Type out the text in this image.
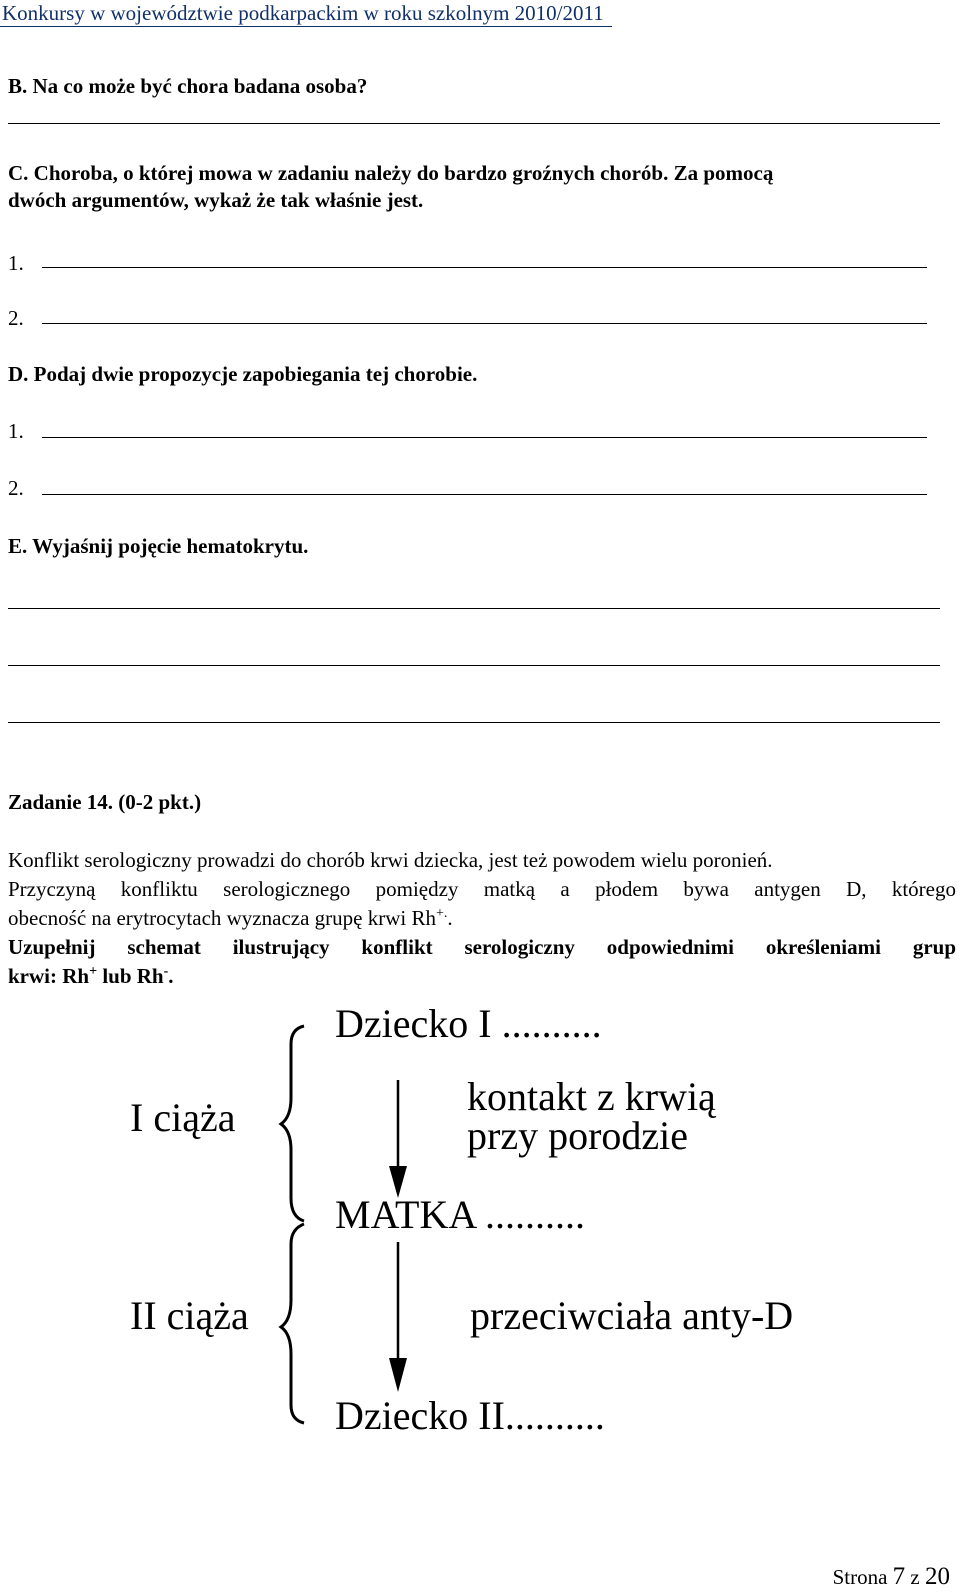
Konkursy w województwie podkarpackim w roku szkolnym 2010/2011
B. Na co może być chora badana osoba?
C. Choroba, o której mowa w zadaniu należy do bardzo groźnych chorób. Za pomocą
dwóch argumentów, wykaż że tak właśnie jest.
1.
2.
D. Podaj dwie propozycje zapobiegania tej chorobie.
1.
2.
E. Wyjaśnij pojęcie hematokrytu.
Zadanie 14. (0-2 pkt.)
Konflikt serologiczny prowadzi do chorób krwi dziecka, jest też powodem wielu poronień.
Przyczyną konfliktu serologicznego pomiędzy matką a płodem bywa antygen D, którego
obecność na erytrocytach wyznacza grupę krwi Rh+..
Uzupełnij schemat ilustrujący konflikt serologiczny odpowiednimi określeniami grup
krwi: Rh+ lub Rh-.
Dziecko I ..........
I ciąża	kontakt z krwią
przy porodzie
MATKA ..........
II ciąża	przeciwciała anty-D
Dziecko II..........
Strona 7 z 20
